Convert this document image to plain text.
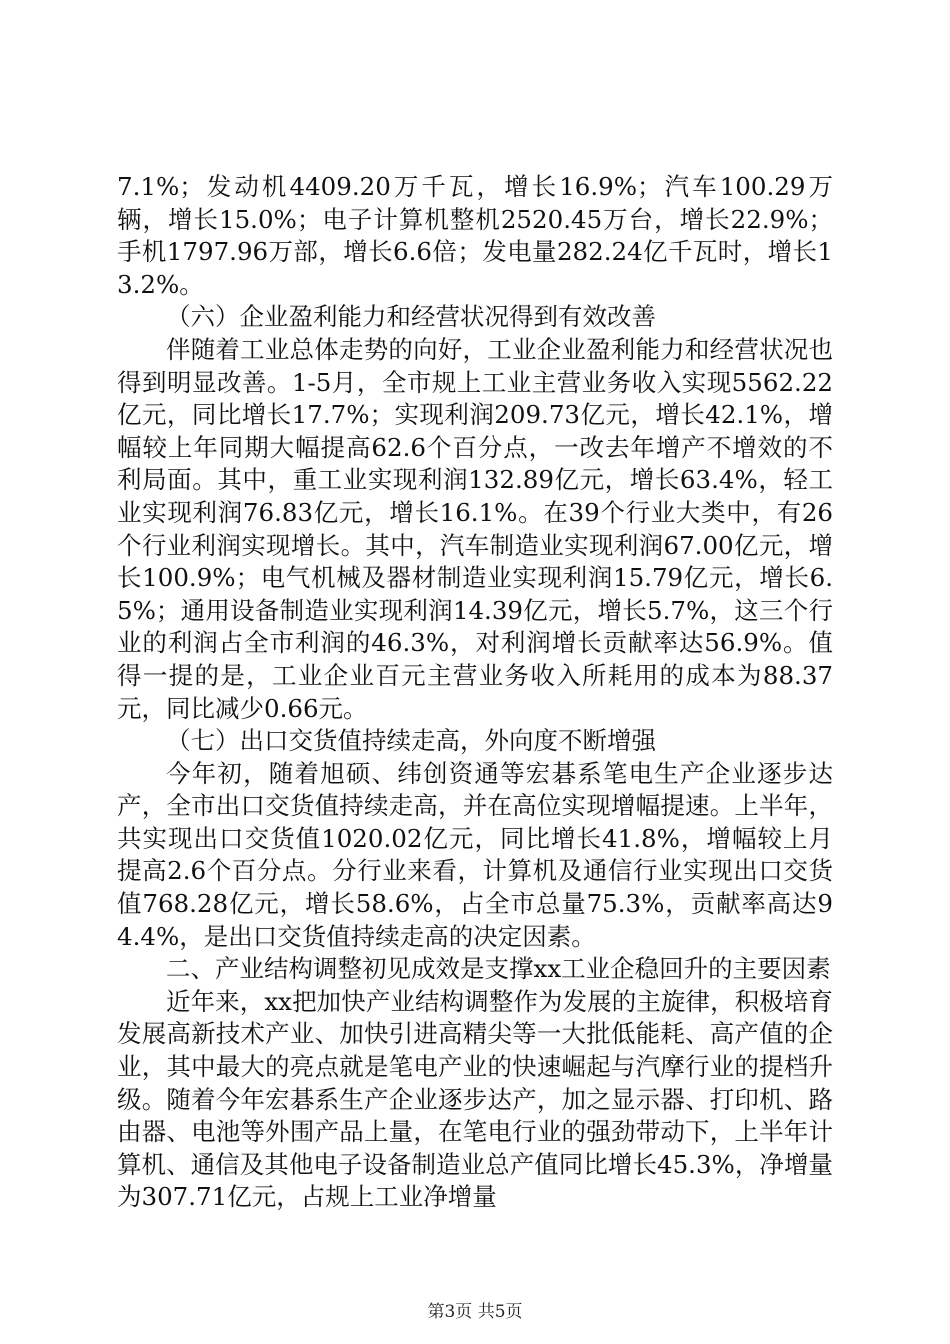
7.1%；发动机4409.20万千瓦，增长16.9%；汽车100.29万辆，增长15.0%；电子计算机整机2520.45万台，增长22.9%；手机1797.96万部，增长6.6倍；发电量282.24亿千瓦时，增长13.2%。

（六）企业盈利能力和经营状况得到有效改善

伴随着工业总体走势的向好，工业企业盈利能力和经营状况也得到明显改善。1-5月，全市规上工业主营业务收入实现5562.22亿元，同比增长17.7%；实现利润209.73亿元，增长42.1%，增幅较上年同期大幅提高62.6个百分点，一改去年增产不增效的不利局面。其中，重工业实现利润132.89亿元，增长63.4%，轻工业实现利润76.83亿元，增长16.1%。在39个行业大类中，有26个行业利润实现增长。其中，汽车制造业实现利润67.00亿元，增长100.9%；电气机械及器材制造业实现利润15.79亿元，增长6.5%；通用设备制造业实现利润14.39亿元，增长5.7%，这三个行业的利润占全市利润的46.3%，对利润增长贡献率达56.9%。值得一提的是，工业企业百元主营业务收入所耗用的成本为88.37元，同比减少0.66元。

（七）出口交货值持续走高，外向度不断增强

今年初，随着旭硕、纬创资通等宏碁系笔电生产企业逐步达产，全市出口交货值持续走高，并在高位实现增幅提速。上半年，共实现出口交货值1020.02亿元，同比增长41.8%，增幅较上月提高2.6个百分点。分行业来看，计算机及通信行业实现出口交货值768.28亿元，增长58.6%，占全市总量75.3%，贡献率高达94.4%，是出口交货值持续走高的决定因素。

二、产业结构调整初见成效是支撑xx工业企稳回升的主要因素

近年来，xx把加快产业结构调整作为发展的主旋律，积极培育发展高新技术产业、加快引进高精尖等一大批低能耗、高产值的企业，其中最大的亮点就是笔电产业的快速崛起与汽摩行业的提档升级。随着今年宏碁系生产企业逐步达产，加之显示器、打印机、路由器、电池等外围产品上量，在笔电行业的强劲带动下，上半年计算机、通信及其他电子设备制造业总产值同比增长45.3%，净增量为307.71亿元，占规上工业净增量

第3页 共5页
